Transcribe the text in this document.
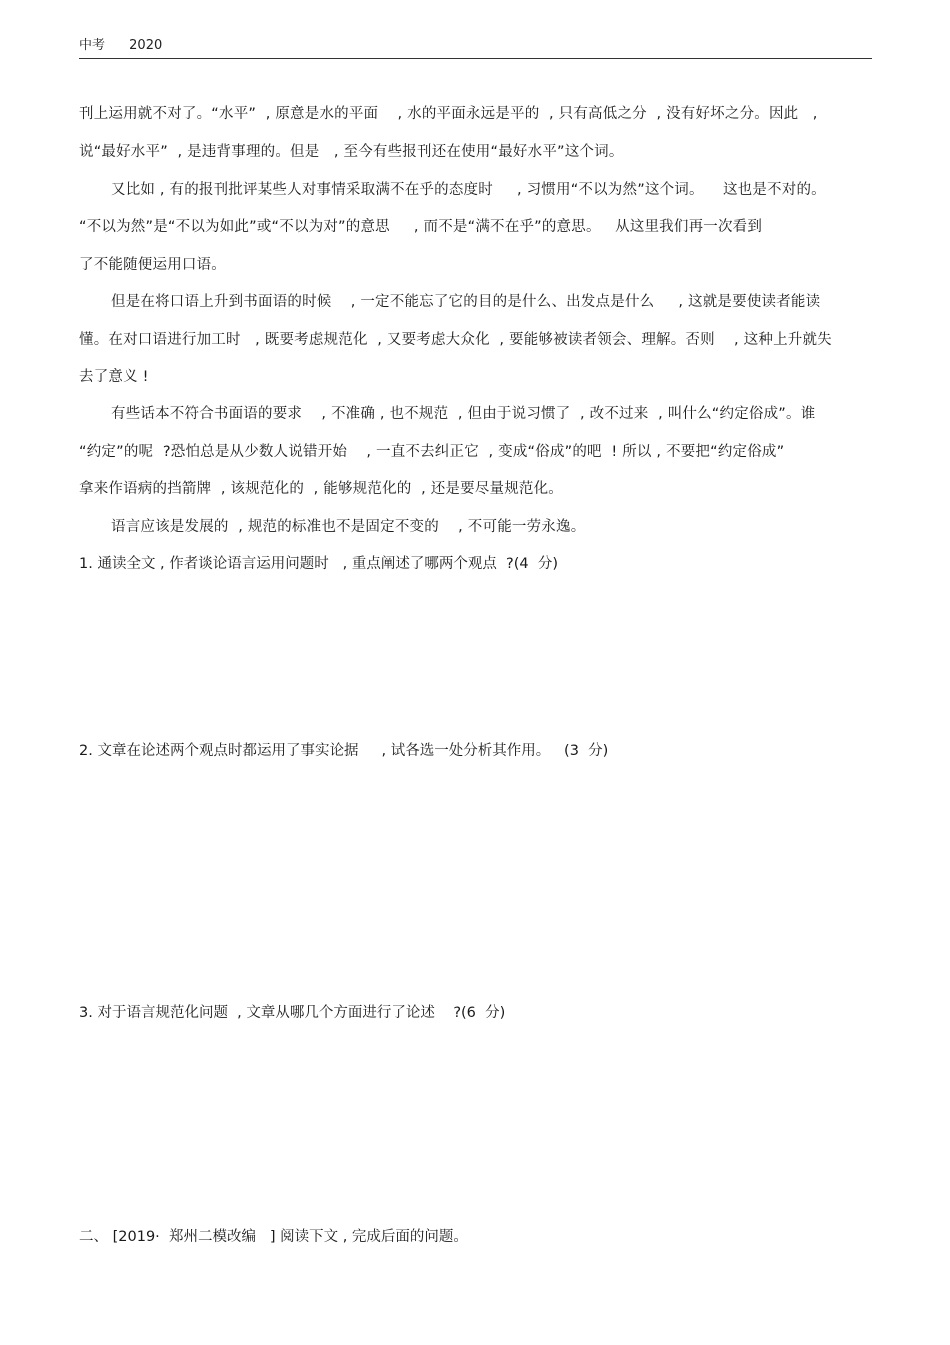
中考 2020
刊上运用就不对了。“水平”  , 原意是水的平面    , 水的平面永远是平的  , 只有高低之分  , 没有好坏之分。因此   ,
说“最好水平”  , 是违背事理的。但是   , 至今有些报刊还在使用“最好水平”这个词。
又比如 , 有的报刊批评某些人对事情采取满不在乎的态度时     , 习惯用“不以为然”这个词。    这也是不对的。
“不以为然”是“不以为如此”或“不以为对”的意思     , 而不是“满不在乎”的意思。   从这里我们再一次看到
了不能随便运用口语。
但是在将口语上升到书面语的时候    , 一定不能忘了它的目的是什么、出发点是什么     , 这就是要使读者能读
懂。在对口语进行加工时   , 既要考虑规范化  , 又要考虑大众化  , 要能够被读者领会、理解。否则    , 这种上升就失
去了意义 !
有些话本不符合书面语的要求    , 不准确 , 也不规范  , 但由于说习惯了  , 改不过来  , 叫什么“约定俗成”。谁
“约定”的呢  ?恐怕总是从少数人说错开始    , 一直不去纠正它  , 变成“俗成”的吧  ! 所以 , 不要把“约定俗成”
拿来作语病的挡箭牌  , 该规范化的  , 能够规范化的  , 还是要尽量规范化。
语言应该是发展的  , 规范的标准也不是固定不变的    , 不可能一劳永逸。
1. 通读全文 , 作者谈论语言运用问题时   , 重点阐述了哪两个观点  ?(4  分)
2. 文章在论述两个观点时都运用了事实论据     , 试各选一处分析其作用。   (3  分)
3. 对于语言规范化问题  , 文章从哪几个方面进行了论述    ?(6  分)
二、 [2019·  郑州二模改编   ] 阅读下文 , 完成后面的问题。
